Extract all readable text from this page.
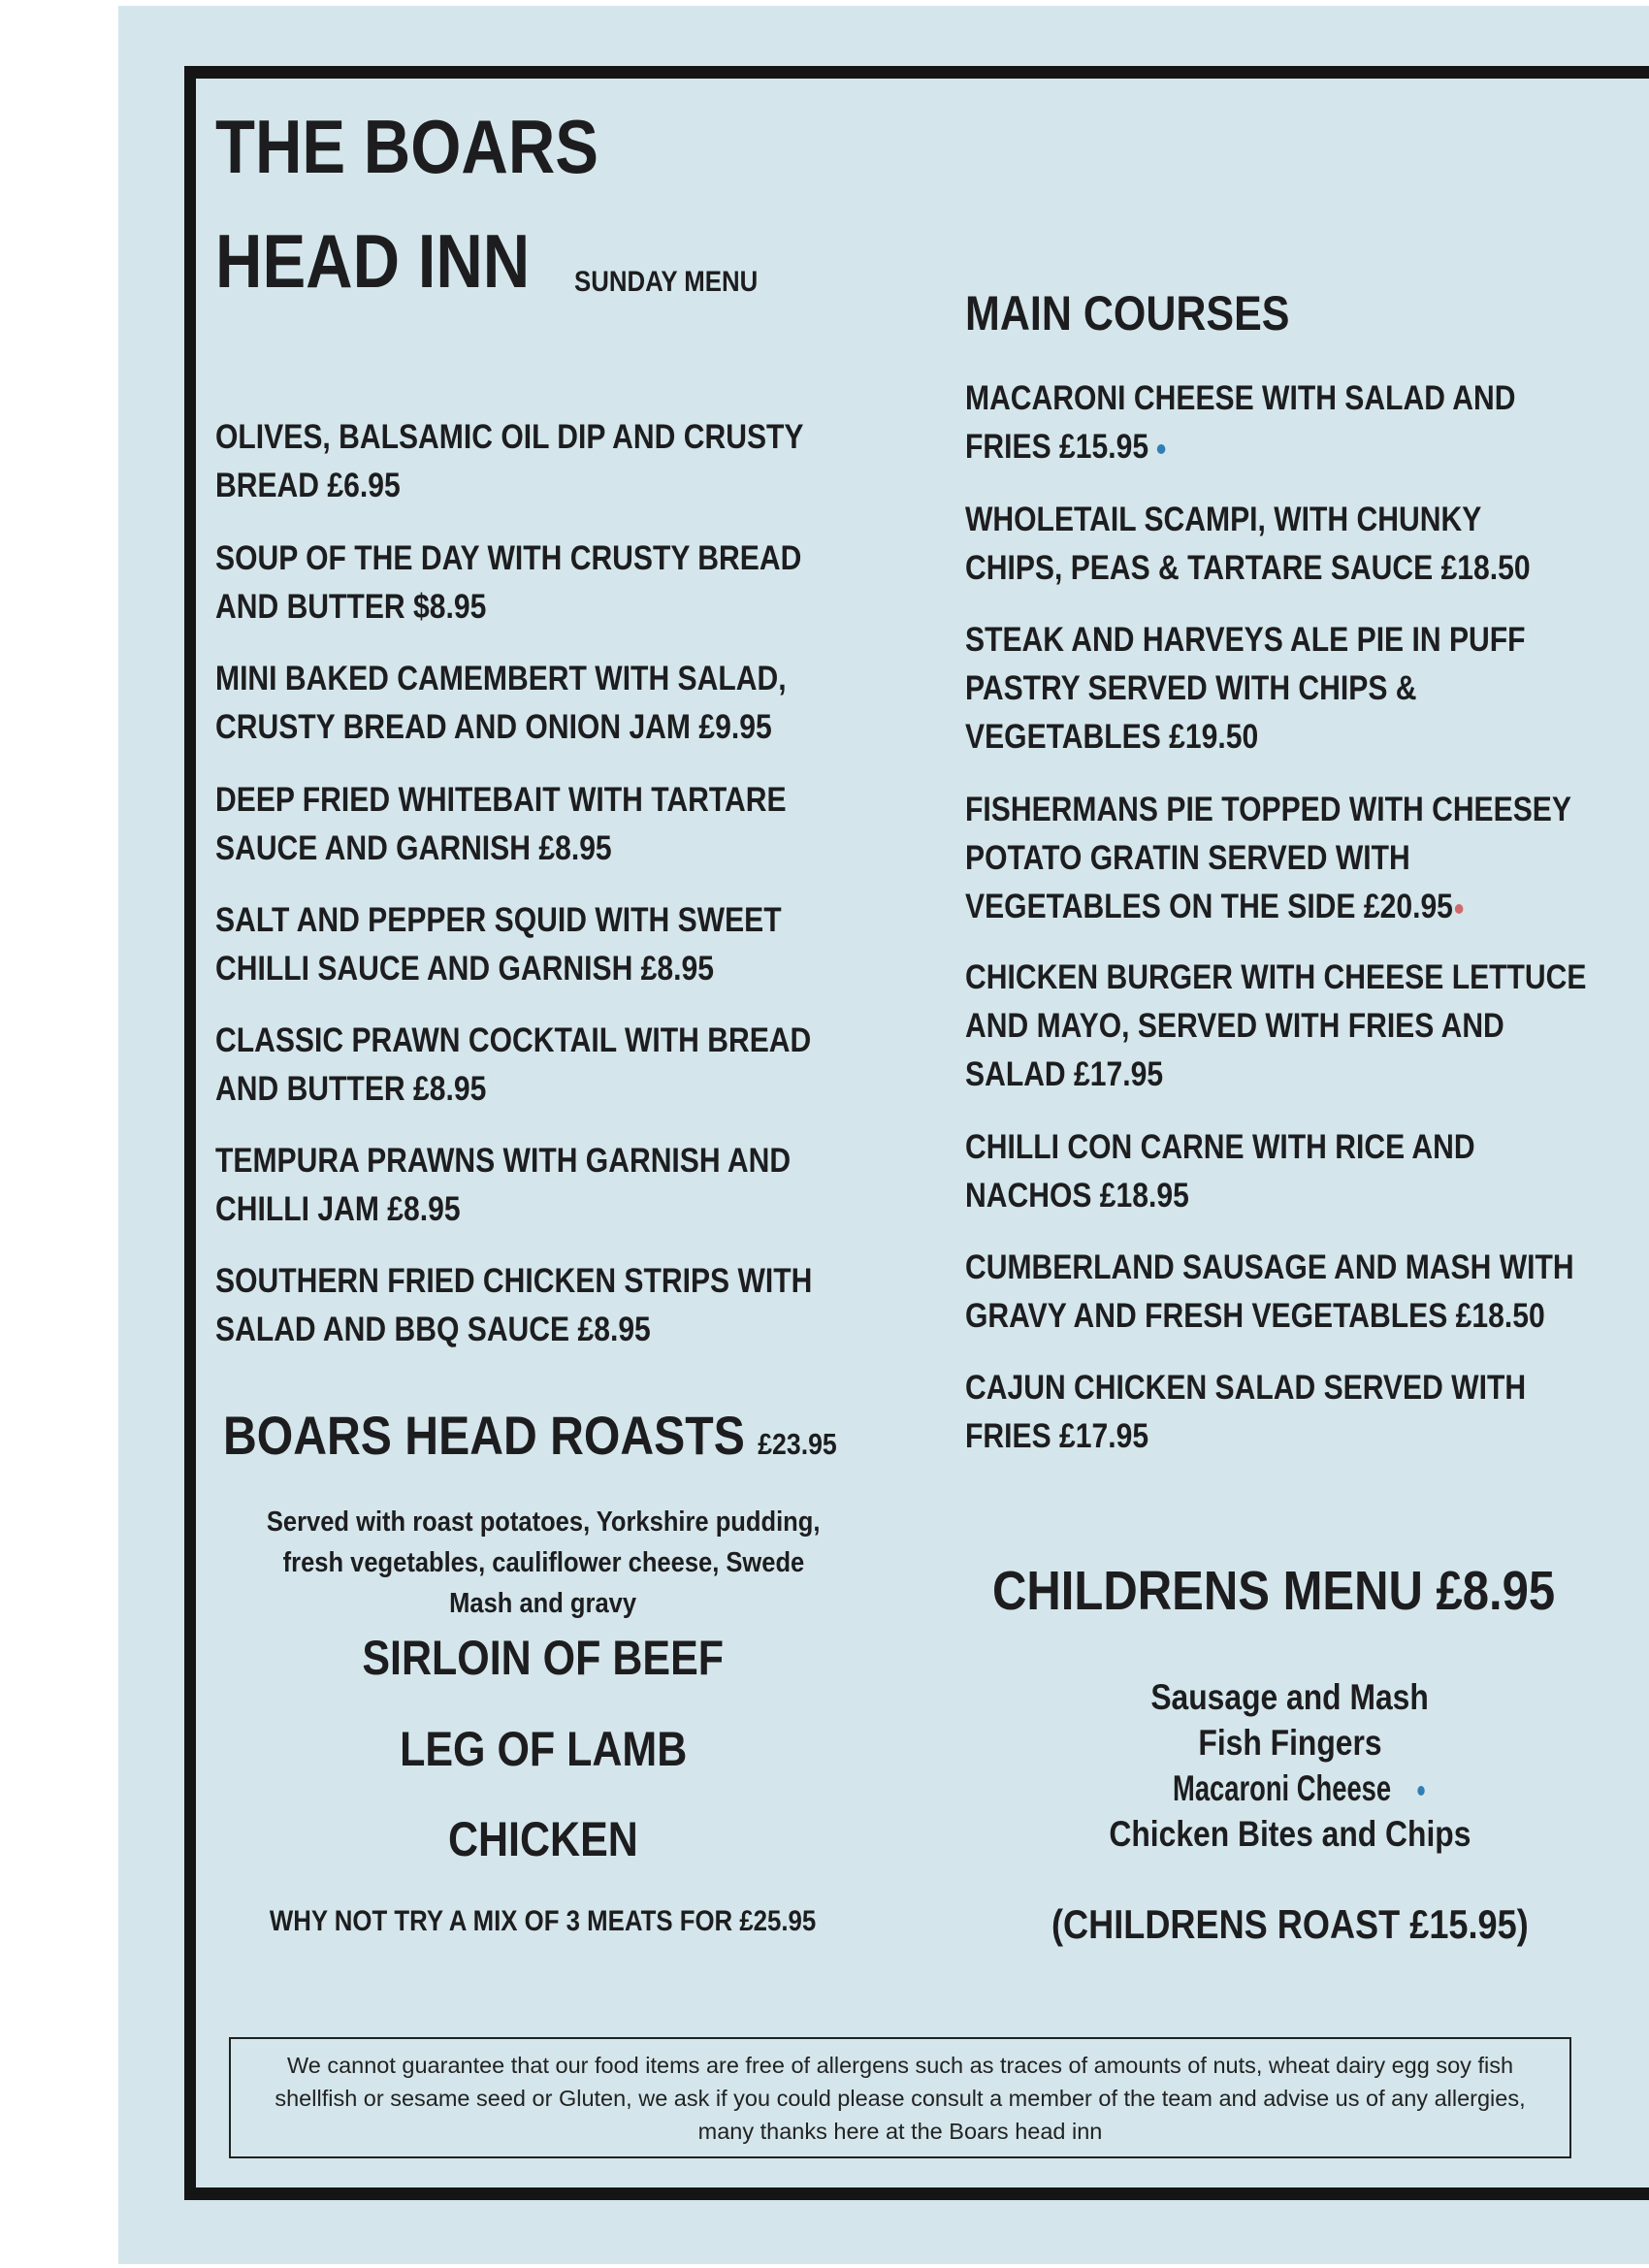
THE BOARS
HEAD INN	SUNDAY MENU
OLIVES, BALSAMIC OIL DIP AND CRUSTY
BREAD £6.95
SOUP OF THE DAY WITH CRUSTY BREAD
AND BUTTER $8.95
MINI BAKED CAMEMBERT WITH SALAD,
CRUSTY BREAD AND ONION JAM £9.95
DEEP FRIED WHITEBAIT WITH TARTARE
SAUCE AND GARNISH £8.95
SALT AND PEPPER SQUID WITH SWEET
CHILLI SAUCE AND GARNISH £8.95
CLASSIC PRAWN COCKTAIL WITH BREAD
AND BUTTER £8.95
TEMPURA PRAWNS WITH GARNISH AND
CHILLI JAM £8.95
SOUTHERN FRIED CHICKEN STRIPS WITH
SALAD AND BBQ SAUCE £8.95
BOARS HEAD ROASTS £23.95
Served with roast potatoes, Yorkshire pudding,
fresh vegetables, cauliflower cheese, Swede
Mash and gravy
SIRLOIN OF BEEF
LEG OF LAMB
CHICKEN
WHY NOT TRY A MIX OF 3 MEATS FOR £25.95
MAIN COURSES
MACARONI CHEESE WITH SALAD AND
FRIES £15.95
WHOLETAIL SCAMPI, WITH CHUNKY
CHIPS, PEAS & TARTARE SAUCE £18.50
STEAK AND HARVEYS ALE PIE IN PUFF
PASTRY SERVED WITH CHIPS &
VEGETABLES £19.50
FISHERMANS PIE TOPPED WITH CHEESEY
POTATO GRATIN SERVED WITH
VEGETABLES ON THE SIDE £20.95
CHICKEN BURGER WITH CHEESE LETTUCE
AND MAYO, SERVED WITH FRIES AND
SALAD £17.95
CHILLI CON CARNE WITH RICE AND
NACHOS £18.95
CUMBERLAND SAUSAGE AND MASH WITH
GRAVY AND FRESH VEGETABLES £18.50
CAJUN CHICKEN SALAD SERVED WITH
FRIES £17.95
CHILDRENS MENU £8.95
Sausage and Mash
Fish Fingers
Macaroni Cheese
Chicken Bites and Chips
(CHILDRENS ROAST £15.95)
We cannot guarantee that our food items are free of allergens such as traces of amounts of nuts, wheat dairy egg soy fish shellfish or sesame seed or Gluten, we ask if you could please consult a member of the team and advise us of any allergies, many thanks here at the Boars head inn
